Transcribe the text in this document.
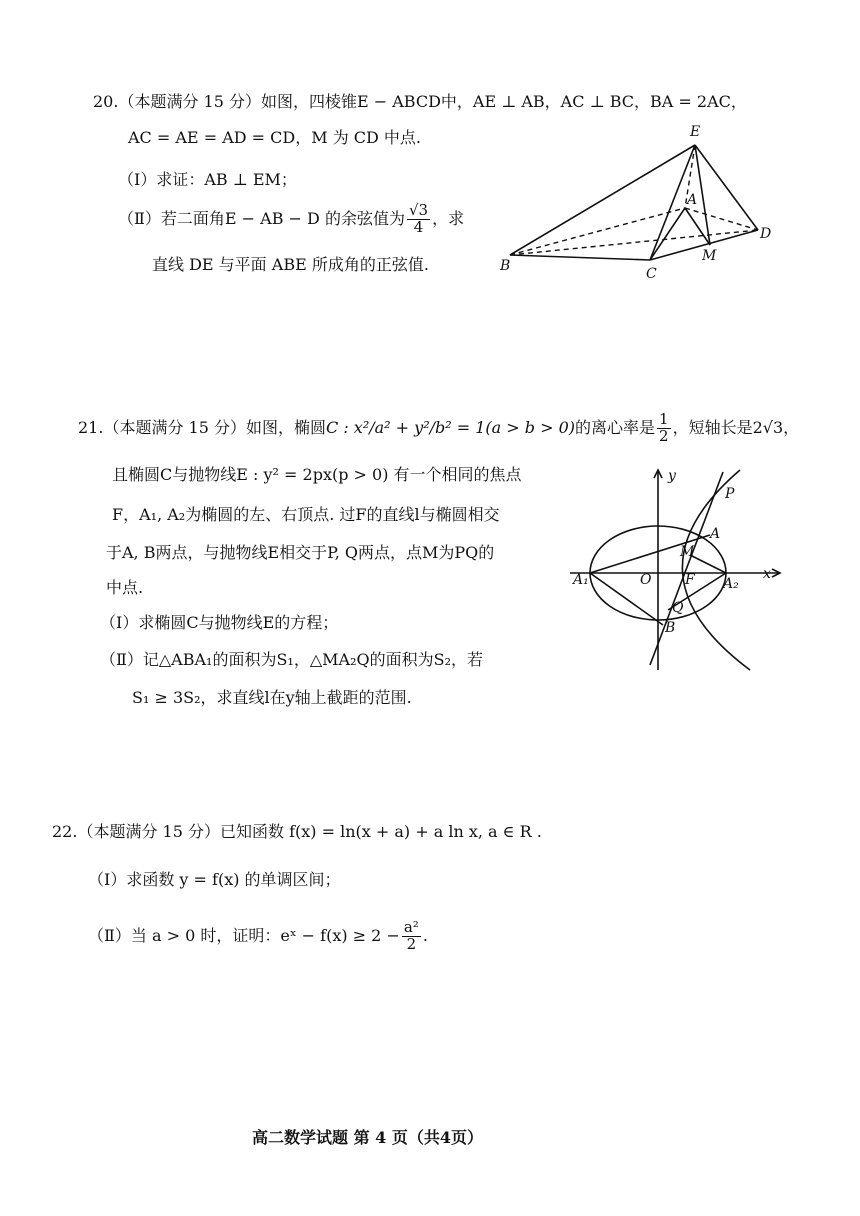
20.（本题满分 15 分）如图，四棱锥E − ABCD中，AE ⊥ AB，AC ⊥ BC，BA = 2AC，
AC = AE = AD = CD，M 为 CD 中点.
（Ⅰ）求证：AB ⊥ EM；
（Ⅱ）若二面角E − AB − D 的余弦值为 $\frac{√3}{4}$ ，求
直线 DE 与平面 ABE 所成角的正弦值.
E
A
B	C
D
M
21.（本题满分 15 分）如图，椭圆C : x²/a² + y²/b² = 1(a > b > 0)的离心率是 $\frac{1}{2}$ ，短轴长是2√3，
且椭圆C与抛物线E : y² = 2px(p > 0) 有一个相同的焦点
F，A₁, A₂为椭圆的左、右顶点. 过F的直线l与椭圆相交
于A, B两点，与抛物线E相交于P, Q两点，点M为PQ的
中点.
（Ⅰ）求椭圆C与抛物线E的方程；
（Ⅱ）记△ABA₁的面积为S₁，△MA₂Q的面积为S₂，若
S₁ ≥ 3S₂，求直线l在y轴上截距的范围.
y
x
P
A
M
A₁	O F A₂
Q
B
22.（本题满分 15 分）已知函数 f(x) = ln(x + a) + a ln x, a ∈ R .
（Ⅰ）求函数 y = f(x) 的单调区间；
（Ⅱ）当 a > 0 时，证明：eˣ − $f(x) \ge 2 - \frac{\text{a²}}{2}$ .
高二数学试题 第 4 页（共4页）
